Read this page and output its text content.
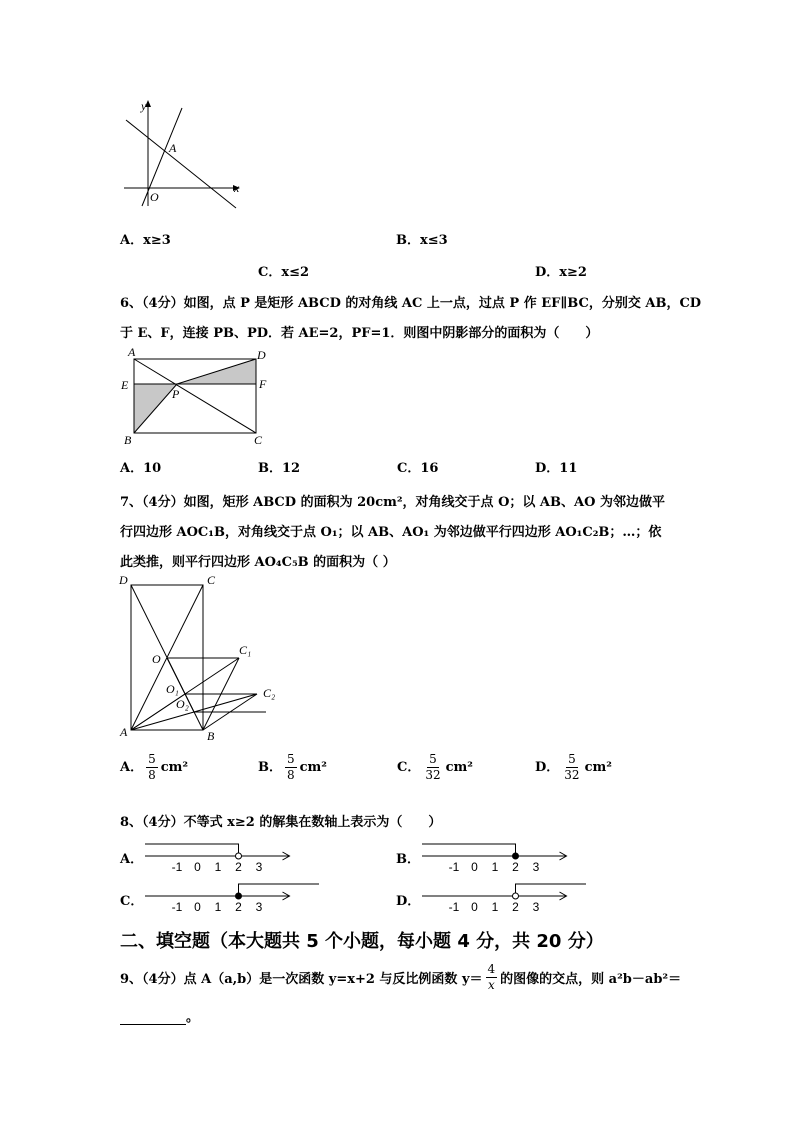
y
x
A
O
A．x≥3	B．x≤3
C．x≤2	D．x≥2
6、（4分）如图，点 P 是矩形 ABCD 的对角线 AC 上一点，过点 P 作 EF∥BC，分别交 AB，CD
于 E、F，连接 PB、PD．若 AE=2，PF=1．则图中阴影部分的面积为（　　）
A	D
E	F
P
B	C
A．10	B．12	C．16	D．11
7、（4分）如图，矩形 ABCD 的面积为 20cm²，对角线交于点 O；以 AB、AO 为邻边做平
行四边形 AOC₁B，对角线交于点 O₁；以 AB、AO₁ 为邻边做平行四边形 AO₁C₂B；…；依
此类推，则平行四边形 AO₄C₅B 的面积为（ ）
D	C
O
C₁
O₁
O₂
C₂
A	B
A． $\frac{5}{8} cm^2$	B． $\frac{5}{8} cm^2$	C． $\frac{5}{32} cm^2$	D． $\frac{5}{32} cm^2$
8、（4分）不等式 x≥2 的解集在数轴上表示为（　　）
A． -1 0 1 2 3	B． -1 0 1 2 3
C． -1 0 1 2 3	D． -1 0 1 2 3
二、填空题（本大题共 5 个小题，每小题 4 分，共 20 分）
9、（4分）点 A（a,b）是一次函数 y=x+2 与反比例函数 $y= \frac{4}{x}$ 的图像的交点，则 a²b－ab²＝
。
